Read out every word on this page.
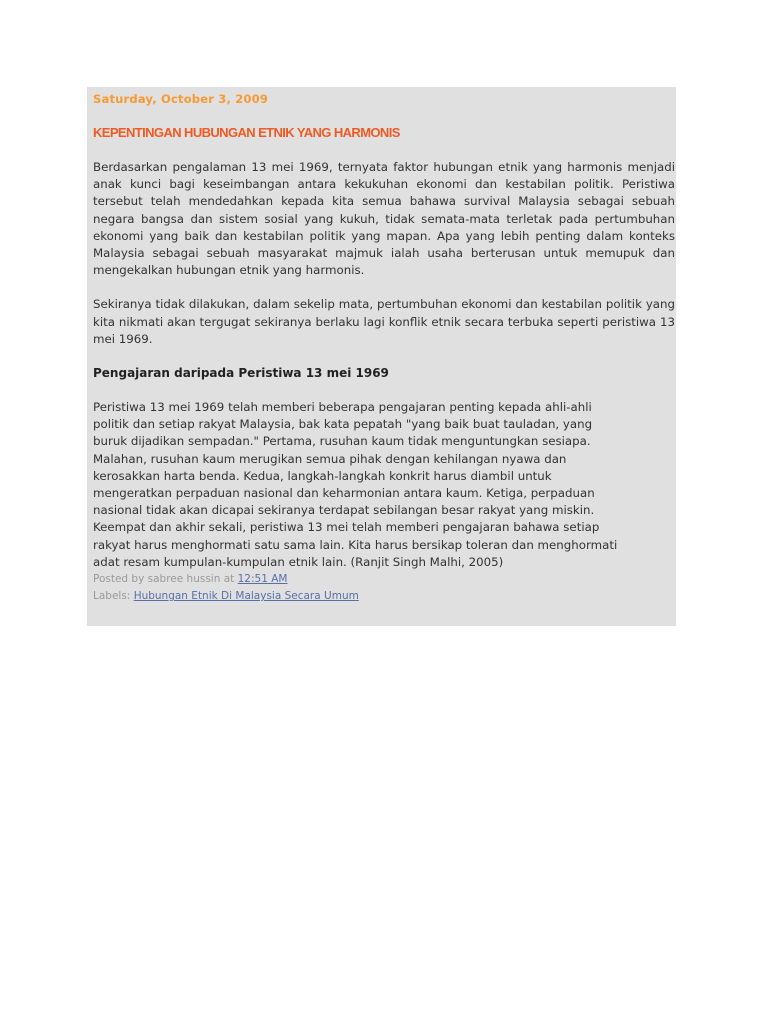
Saturday, October 3, 2009
KEPENTINGAN HUBUNGAN ETNIK YANG HARMONIS
Berdasarkan pengalaman 13 mei 1969, ternyata faktor hubungan etnik yang harmonis menjadi anak kunci bagi keseimbangan antara kekukuhan ekonomi dan kestabilan politik. Peristiwa tersebut telah mendedahkan kepada kita semua bahawa survival Malaysia sebagai sebuah negara bangsa dan sistem sosial yang kukuh, tidak semata-mata terletak pada pertumbuhan ekonomi yang baik dan kestabilan politik yang mapan. Apa yang lebih penting dalam konteks Malaysia sebagai sebuah masyarakat majmuk ialah usaha berterusan untuk memupuk dan mengekalkan hubungan etnik yang harmonis.
Sekiranya tidak dilakukan, dalam sekelip mata, pertumbuhan ekonomi dan kestabilan politik yang kita nikmati akan tergugat sekiranya berlaku lagi konflik etnik secara terbuka seperti peristiwa 13 mei 1969.
Pengajaran daripada Peristiwa 13 mei 1969
Peristiwa 13 mei 1969 telah memberi beberapa pengajaran penting kepada ahli-ahli
politik dan setiap rakyat Malaysia, bak kata pepatah "yang baik buat tauladan, yang
buruk dijadikan sempadan." Pertama, rusuhan kaum tidak menguntungkan sesiapa.
Malahan, rusuhan kaum merugikan semua pihak dengan kehilangan nyawa dan
kerosakkan harta benda. Kedua, langkah-langkah konkrit harus diambil untuk
mengeratkan perpaduan nasional dan keharmonian antara kaum. Ketiga, perpaduan
nasional tidak akan dicapai sekiranya terdapat sebilangan besar rakyat yang miskin.
Keempat dan akhir sekali, peristiwa 13 mei telah memberi pengajaran bahawa setiap
rakyat harus menghormati satu sama lain. Kita harus bersikap toleran dan menghormati
adat resam kumpulan-kumpulan etnik lain. (Ranjit Singh Malhi, 2005)
Posted by sabree hussin at 12:51 AM
Labels: Hubungan Etnik Di Malaysia Secara Umum
